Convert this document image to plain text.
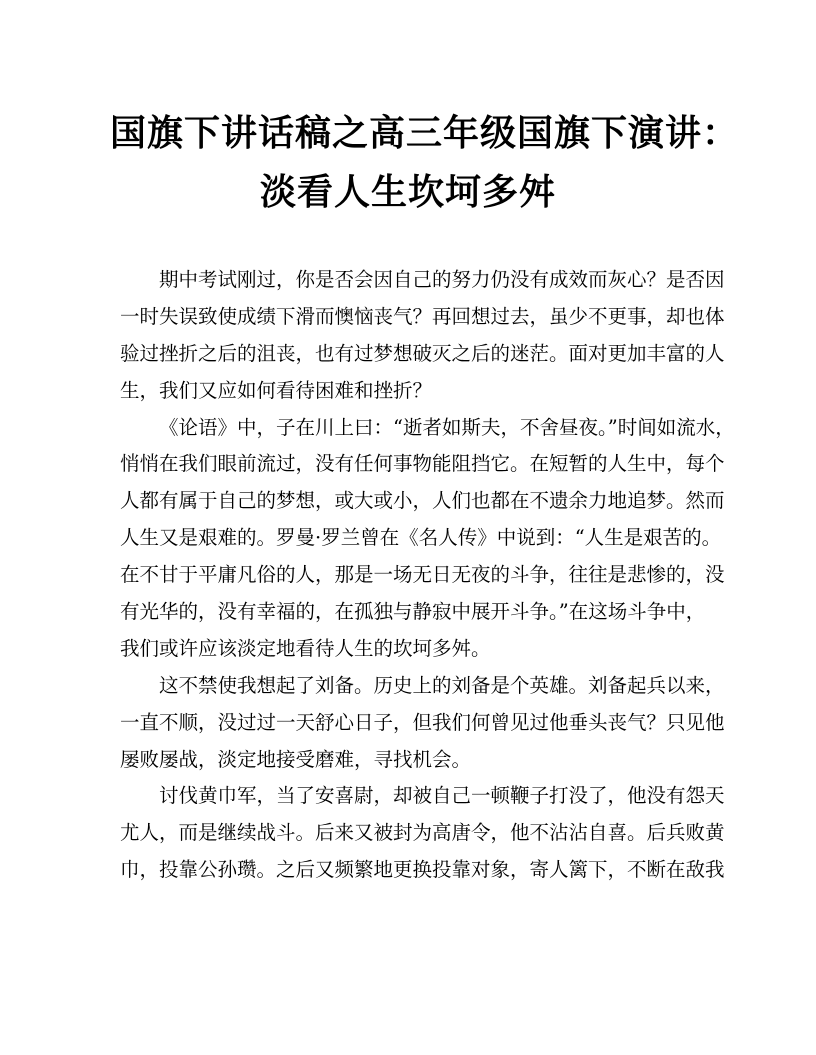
国旗下讲话稿之高三年级国旗下演讲：
淡看人生坎坷多舛
期中考试刚过，你是否会因自己的努力仍没有成效而灰心？是否因
一时失误致使成绩下滑而懊恼丧气？再回想过去，虽少不更事，却也体
验过挫折之后的沮丧，也有过梦想破灭之后的迷茫。面对更加丰富的人
生，我们又应如何看待困难和挫折？
《论语》中，子在川上曰：“逝者如斯夫，不舍昼夜。”时间如流水，
悄悄在我们眼前流过，没有任何事物能阻挡它。在短暂的人生中，每个
人都有属于自己的梦想，或大或小，人们也都在不遗余力地追梦。然而
人生又是艰难的。罗曼·罗兰曾在《名人传》中说到：“人生是艰苦的。
在不甘于平庸凡俗的人，那是一场无日无夜的斗争，往往是悲惨的，没
有光华的，没有幸福的，在孤独与静寂中展开斗争。”在这场斗争中，
我们或许应该淡定地看待人生的坎坷多舛。
这不禁使我想起了刘备。历史上的刘备是个英雄。刘备起兵以来，
一直不顺，没过过一天舒心日子，但我们何曾见过他垂头丧气？只见他
屡败屡战，淡定地接受磨难，寻找机会。
讨伐黄巾军，当了安喜尉，却被自己一顿鞭子打没了，他没有怨天
尤人，而是继续战斗。后来又被封为高唐令，他不沾沾自喜。后兵败黄
巾，投靠公孙瓒。之后又频繁地更换投靠对象，寄人篱下，不断在敌我
